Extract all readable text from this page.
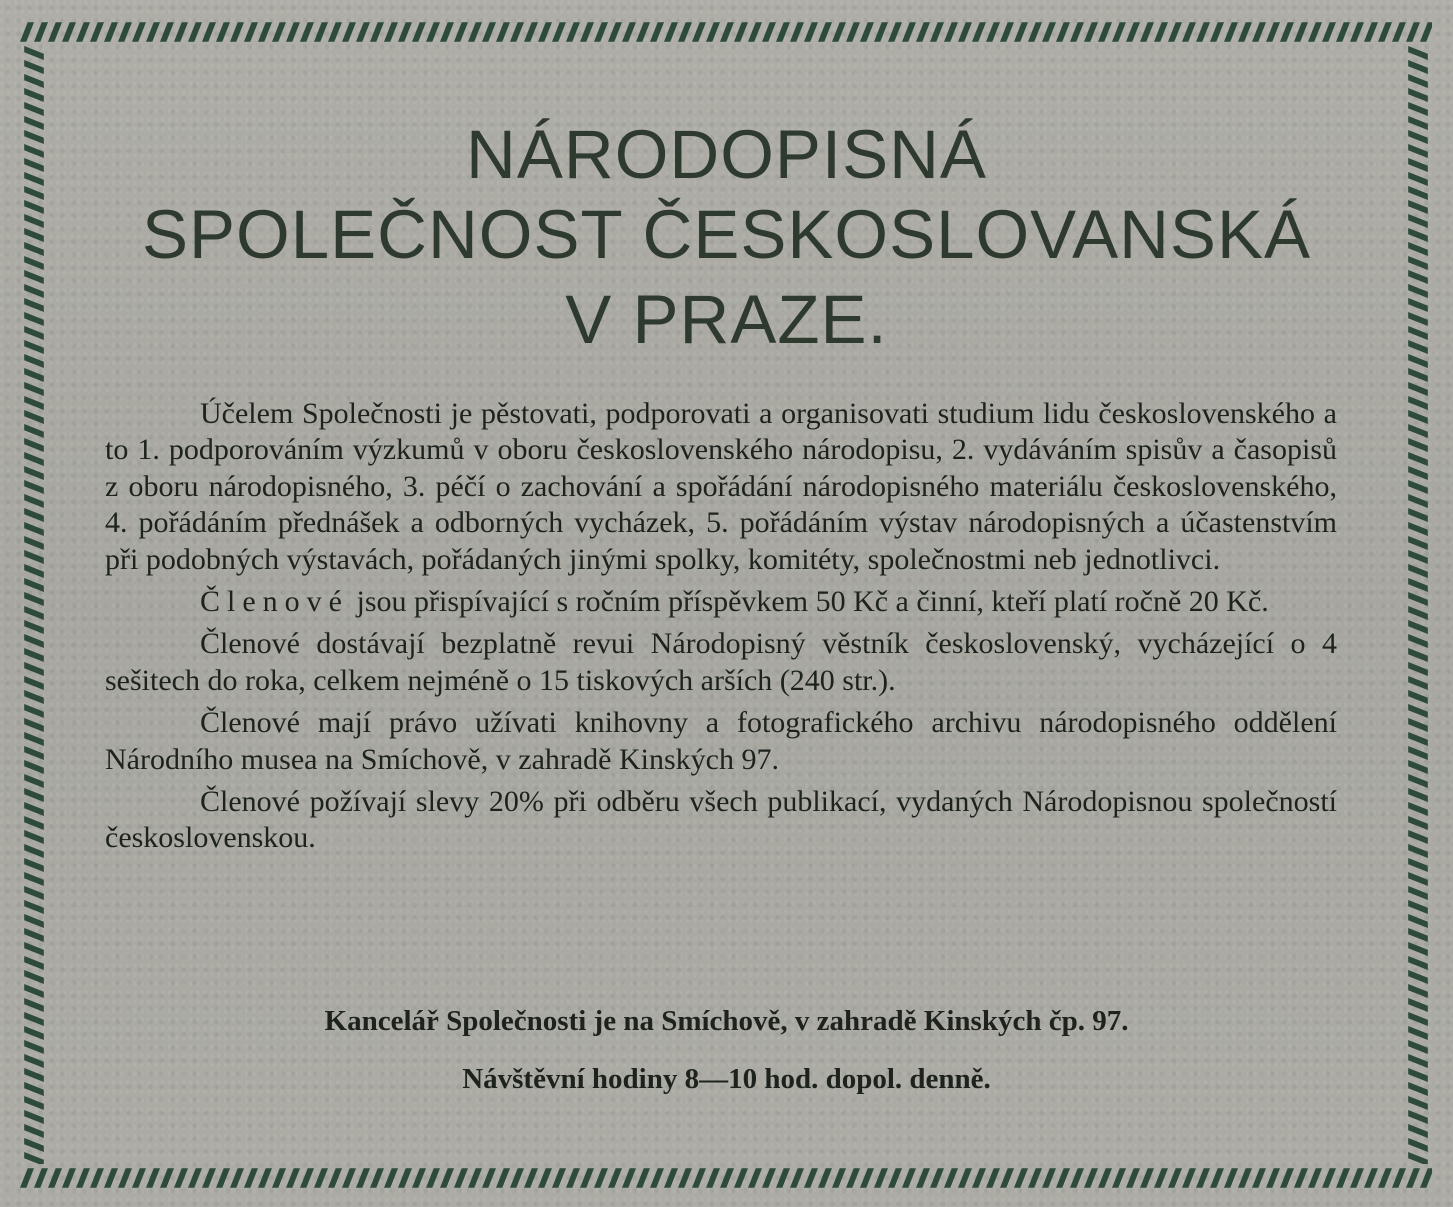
NÁRODOPISNÁ
SPOLEČNOST ČESKOSLOVANSKÁ
V PRAZE.

Účelem Společnosti je pěstovati, podporovati a organisovati studium lidu československého a to 1. podporováním výzkumů v oboru československého národopisu, 2. vydáváním spisův a časopisů z oboru národopisného, 3. péčí o zachování a spořádání národopisného materiálu československého, 4. pořádáním přednášek a odborných vycházek, 5. pořádáním výstav národopisných a účastenstvím při podobných výstavách, pořádaných jinými spolky, komitéty, společnostmi neb jednotlivci.

Členové jsou přispívající s ročním příspěvkem 50 Kč a činní, kteří platí ročně 20 Kč.

Členové dostávají bezplatně revui Národopisný věstník československý, vycházející o 4 sešitech do roka, celkem nejméně o 15 tiskových arších (240 str.).

Členové mají právo užívati knihovny a fotografického archivu národopisného oddělení Národního musea na Smíchově, v zahradě Kinských 97.

Členové požívají slevy 20% při odběru všech publikací, vydaných Národopisnou společností československou.

Kancelář Společnosti je na Smíchově, v zahradě Kinských čp. 97.
Návštěvní hodiny 8—10 hod. dopol. denně.
